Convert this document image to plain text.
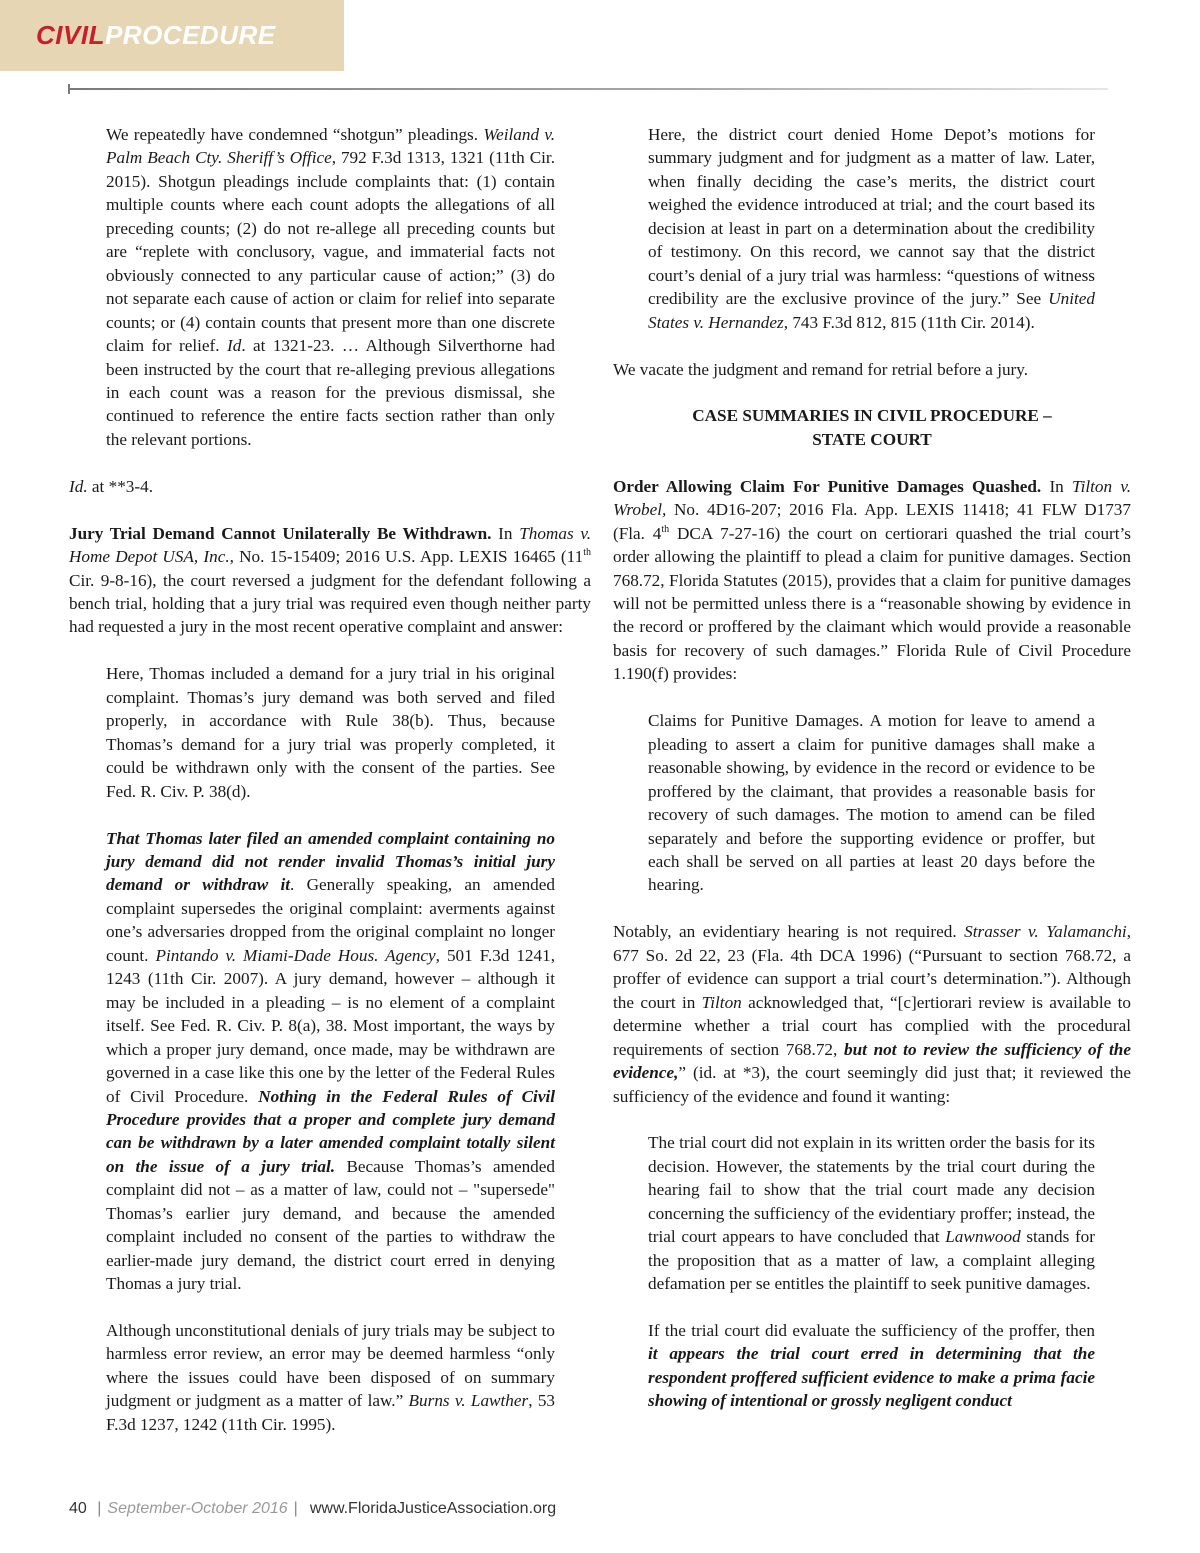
CIVILPROCEDURE

We repeatedly have condemned “shotgun” pleadings. Weiland v. Palm Beach Cty. Sheriff’s Office, 792 F.3d 1313, 1321 (11th Cir. 2015). Shotgun pleadings include complaints that: (1) contain multiple counts where each count adopts the allegations of all preceding counts; (2) do not re-allege all preceding counts but are “replete with conclusory, vague, and immaterial facts not obviously connected to any particular cause of action;” (3) do not separate each cause of action or claim for relief into separate counts; or (4) contain counts that present more than one discrete claim for relief. Id. at 1321-23. … Although Silverthorne had been instructed by the court that re-alleging previous allegations in each count was a reason for the previous dismissal, she continued to reference the entire facts section rather than only the relevant portions.

Id. at **3-4.

Jury Trial Demand Cannot Unilaterally Be Withdrawn. In Thomas v. Home Depot USA, Inc., No. 15-15409; 2016 U.S. App. LEXIS 16465 (11th Cir. 9-8-16), the court reversed a judgment for the defendant following a bench trial, holding that a jury trial was required even though neither party had requested a jury in the most recent operative complaint and answer:

Here, Thomas included a demand for a jury trial in his original complaint. Thomas’s jury demand was both served and filed properly, in accordance with Rule 38(b). Thus, because Thomas’s demand for a jury trial was properly completed, it could be withdrawn only with the consent of the parties. See Fed. R. Civ. P. 38(d).

That Thomas later filed an amended complaint containing no jury demand did not render invalid Thomas’s initial jury demand or withdraw it. Generally speaking, an amended complaint supersedes the original complaint: averments against one’s adversaries dropped from the original complaint no longer count. Pintando v. Miami-Dade Hous. Agency, 501 F.3d 1241, 1243 (11th Cir. 2007). A jury demand, however – although it may be included in a pleading – is no element of a complaint itself. See Fed. R. Civ. P. 8(a), 38. Most important, the ways by which a proper jury demand, once made, may be withdrawn are governed in a case like this one by the letter of the Federal Rules of Civil Procedure. Nothing in the Federal Rules of Civil Procedure provides that a proper and complete jury demand can be withdrawn by a later amended complaint totally silent on the issue of a jury trial. Because Thomas’s amended complaint did not – as a matter of law, could not – "supersede" Thomas’s earlier jury demand, and because the amended complaint included no consent of the parties to withdraw the earlier-made jury demand, the district court erred in denying Thomas a jury trial.

Although unconstitutional denials of jury trials may be subject to harmless error review, an error may be deemed harmless “only where the issues could have been disposed of on summary judgment or judgment as a matter of law.” Burns v. Lawther, 53 F.3d 1237, 1242 (11th Cir. 1995).

Here, the district court denied Home Depot’s motions for summary judgment and for judgment as a matter of law. Later, when finally deciding the case’s merits, the district court weighed the evidence introduced at trial; and the court based its decision at least in part on a determination about the credibility of testimony. On this record, we cannot say that the district court’s denial of a jury trial was harmless: “questions of witness credibility are the exclusive province of the jury.” See United States v. Hernandez, 743 F.3d 812, 815 (11th Cir. 2014).

We vacate the judgment and remand for retrial before a jury.

CASE SUMMARIES IN CIVIL PROCEDURE –
STATE COURT

Order Allowing Claim For Punitive Damages Quashed. In Tilton v. Wrobel, No. 4D16-207; 2016 Fla. App. LEXIS 11418; 41 FLW D1737 (Fla. 4th DCA 7-27-16) the court on certiorari quashed the trial court’s order allowing the plaintiff to plead a claim for punitive damages. Section 768.72, Florida Statutes (2015), provides that a claim for punitive damages will not be permitted unless there is a “reasonable showing by evidence in the record or proffered by the claimant which would provide a reasonable basis for recovery of such damages.” Florida Rule of Civil Procedure 1.190(f) provides:

Claims for Punitive Damages. A motion for leave to amend a pleading to assert a claim for punitive damages shall make a reasonable showing, by evidence in the record or evidence to be proffered by the claimant, that provides a reasonable basis for recovery of such damages. The motion to amend can be filed separately and before the supporting evidence or proffer, but each shall be served on all parties at least 20 days before the hearing.

Notably, an evidentiary hearing is not required. Strasser v. Yalamanchi, 677 So. 2d 22, 23 (Fla. 4th DCA 1996) (“Pursuant to section 768.72, a proffer of evidence can support a trial court’s determination.”). Although the court in Tilton acknowledged that, “[c]ertiorari review is available to determine whether a trial court has complied with the procedural requirements of section 768.72, but not to review the sufficiency of the evidence,” (id. at *3), the court seemingly did just that; it reviewed the sufficiency of the evidence and found it wanting:

The trial court did not explain in its written order the basis for its decision. However, the statements by the trial court during the hearing fail to show that the trial court made any decision concerning the sufficiency of the evidentiary proffer; instead, the trial court appears to have concluded that Lawnwood stands for the proposition that as a matter of law, a complaint alleging defamation per se entitles the plaintiff to seek punitive damages.

If the trial court did evaluate the sufficiency of the proffer, then it appears the trial court erred in determining that the respondent proffered sufficient evidence to make a prima facie showing of intentional or grossly negligent conduct

40 | September-October 2016 | www.FloridaJusticeAssociation.org
